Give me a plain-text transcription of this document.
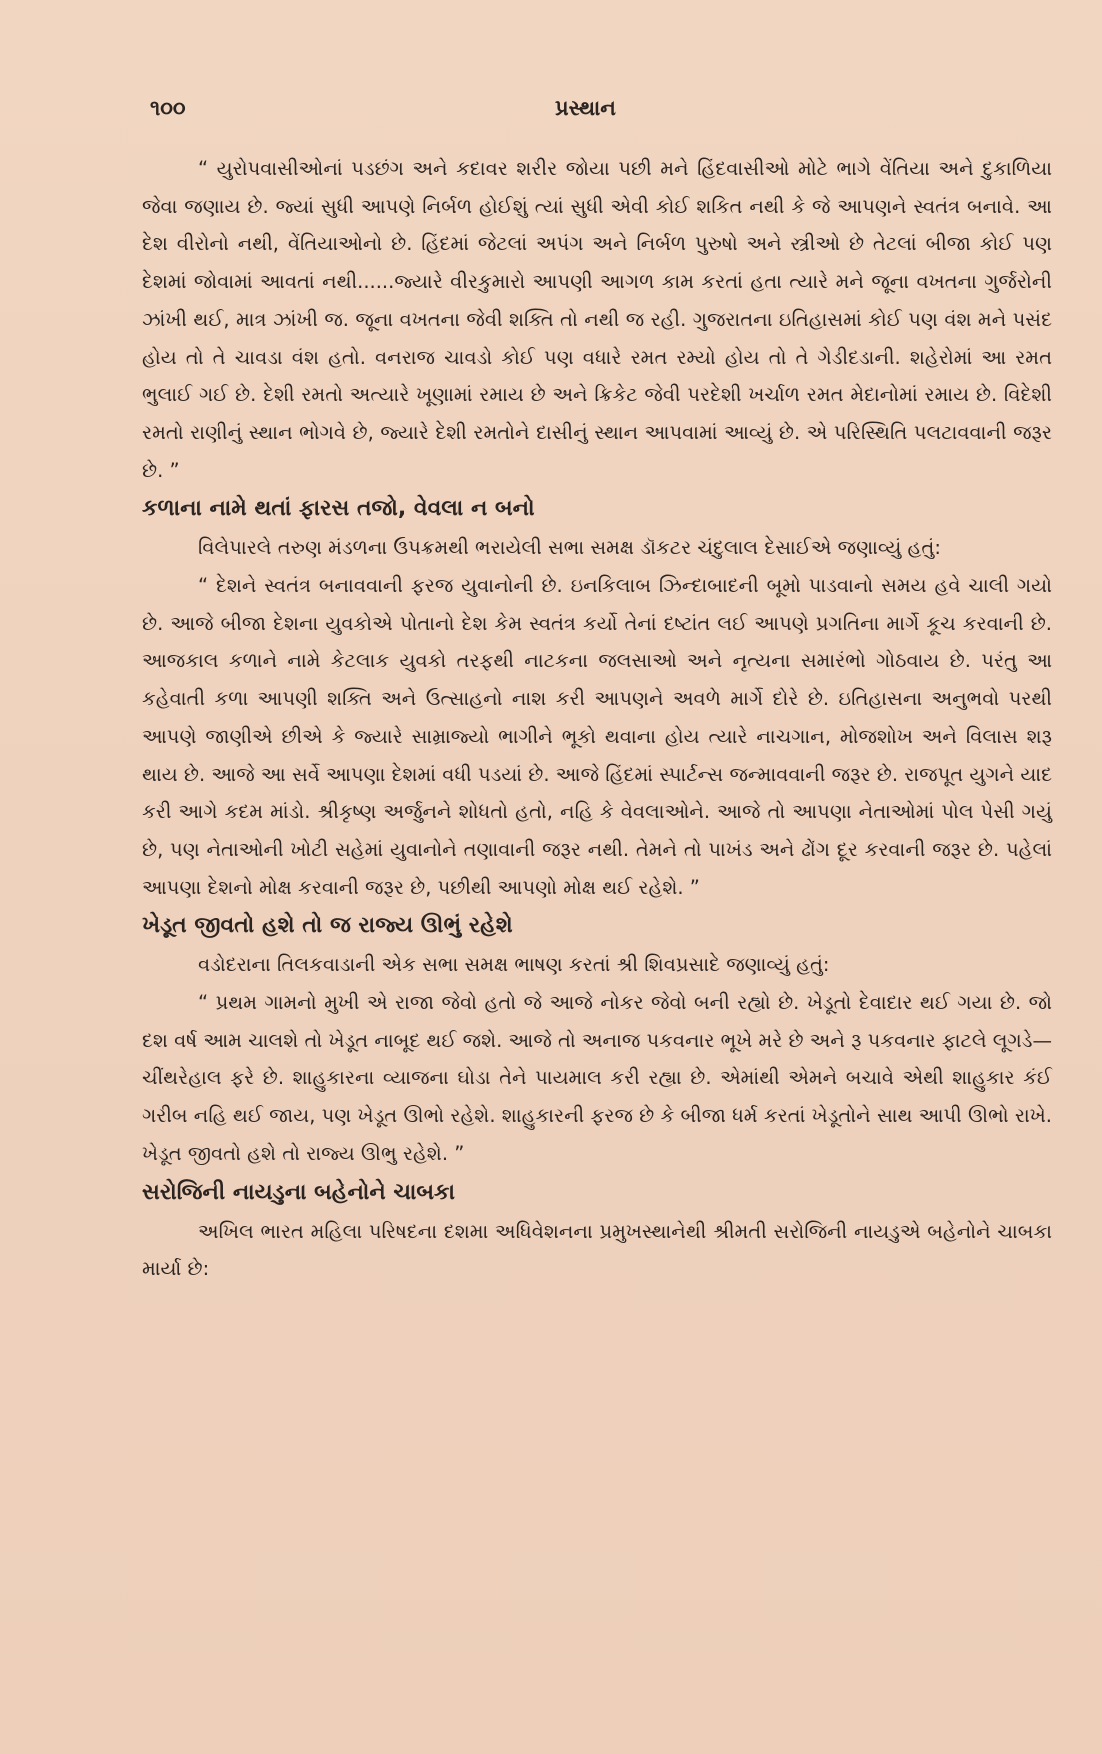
૧૦૦	પ્રસ્થાન

“ યુરોપવાસીઓનાં પડછંગ અને કદાવર શરીર જોયા પછી મને હિંદવાસીઓ મોટે ભાગે વેંતિયા અને દુકાળિયા જેવા જણાય છે. જ્યાં સુધી આપણે નિર્બળ હોઈશું ત્યાં સુધી એવી કોઈ શકિત નથી કે જે આપણને સ્વતંત્ર બનાવે. આ દેશ વીરોનો નથી, વેંતિયાઓનો છે. હિંદમાં જેટલાં અપંગ અને નિર્બળ પુરુષો અને સ્ત્રીઓ છે તેટલાં બીજા કોઈ પણ દેશમાં જોવામાં આવતાં નથી......જ્યારે વીરકુમારો આપણી આગળ કામ કરતાં હતા ત્યારે મને જૂના વખતના ગુર્જરોની ઝાંખી થઈ, માત્ર ઝાંખી જ. જૂના વખતના જેવી શક્તિ તો નથી જ રહી. ગુજરાતના ઇતિહાસમાં કોઈ પણ વંશ મને પસંદ હોય તો તે ચાવડા વંશ હતો. વનરાજ ચાવડો કોઈ પણ વધારે રમત રમ્યો હોય તો તે ગેડીદડાની. શહેરોમાં આ રમત ભુલાઈ ગઈ છે. દેશી રમતો અત્યારે ખૂણામાં રમાય છે અને ક્રિકેટ જેવી પરદેશી ખર્ચાળ રમત મેદાનોમાં રમાય છે. વિદેશી રમતો રાણીનું સ્થાન ભોગવે છે, જ્યારે દેશી રમતોને દાસીનું સ્થાન આપવામાં આવ્યું છે. એ પરિસ્થિતિ પલટાવવાની જરૂર છે. ”

કળાના નામે થતાં ફારસ તજો, વેવલા ન બનો

વિલેપારલે તરુણ મંડળના ઉપક્રમથી ભરાયેલી સભા સમક્ષ ડૉકટર ચંદુલાલ દેસાઈએ જણાવ્યું હતું:

“ દેશને સ્વતંત્ર બનાવવાની ફરજ યુવાનોની છે. ઇનકિલાબ ઝિન્દાબાદની બૂમો પાડવાનો સમય હવે ચાલી ગયો છે. આજે બીજા દેશના યુવકોએ પોતાનો દેશ કેમ સ્વતંત્ર કર્યો તેનાં દષ્ટાંત લઈ આપણે પ્રગતિના માર્ગે કૂચ કરવાની છે. આજકાલ કળાને નામે કેટલાક યુવકો તરફથી નાટકના જલસાઓ અને નૃત્યના સમારંભો ગોઠવાય છે. પરંતુ આ કહેવાતી કળા આપણી શક્તિ અને ઉત્સાહનો નાશ કરી આપણને અવળે માર્ગે દોરે છે. ઇતિહાસના અનુભવો પરથી આપણે જાણીએ છીએ કે જ્યારે સામ્રાજ્યો ભાગીને ભૂકો થવાના હોય ત્યારે નાચગાન, મોજશોખ અને વિલાસ શરૂ થાય છે. આજે આ સર્વે આપણા દેશમાં વધી પડયાં છે. આજે હિંદમાં સ્પાર્ટન્સ જન્માવવાની જરૂર છે. રાજપૂત યુગને યાદ કરી આગે કદમ માંડો. શ્રીકૃષ્ણ અર્જુનને શોધતો હતો, નહિ કે વેવલાઓને. આજે તો આપણા નેતાઓમાં પોલ પેસી ગયું છે, પણ નેતાઓની ખોટી સહેમાં યુવાનોને તણાવાની જરૂર નથી. તેમને તો પાખંડ અને ઢોંગ દૂર કરવાની જરૂર છે. પહેલાં આપણા દેશનો મોક્ષ કરવાની જરૂર છે, પછીથી આપણો મોક્ષ થઈ રહેશે. ”

ખેડૂત જીવતો હશે તો જ રાજ્ય ઊભું રહેશે

વડોદરાના તિલકવાડાની એક સભા સમક્ષ ભાષણ કરતાં શ્રી શિવપ્રસાદે જણાવ્યું હતું:

“ પ્રથમ ગામનો મુખી એ રાજા જેવો હતો જે આજે નોકર જેવો બની રહ્યો છે. ખેડૂતો દેવાદાર થઈ ગયા છે. જો દશ વર્ષ આમ ચાલશે તો ખેડૂત નાબૂદ થઈ જશે. આજે તો અનાજ પકવનાર ભૂખે મરે છે અને રૂ પકવનાર ફાટલે લૂગડે—ચીંથરેહાલ ફરે છે. શાહુકારના વ્યાજના ઘોડા તેને પાયમાલ કરી રહ્યા છે. એમાંથી એમને બચાવે એથી શાહુકાર કંઈ ગરીબ નહિ થઈ જાય, પણ ખેડૂત ઊભો રહેશે. શાહુકારની ફરજ છે કે બીજા ધર્મ કરતાં ખેડૂતોને સાથ આપી ઊભો રાખે. ખેડૂત જીવતો હશે તો રાજ્ય ઊભુ રહેશે. ”

સરોજિની નાયડુના બહેનોને ચાબકા

અખિલ ભારત મહિલા પરિષદના દશમા અધિવેશનના પ્રમુખસ્થાનેથી શ્રીમતી સરોજિની નાયડુએ બહેનોને ચાબકા માર્યા છે:
